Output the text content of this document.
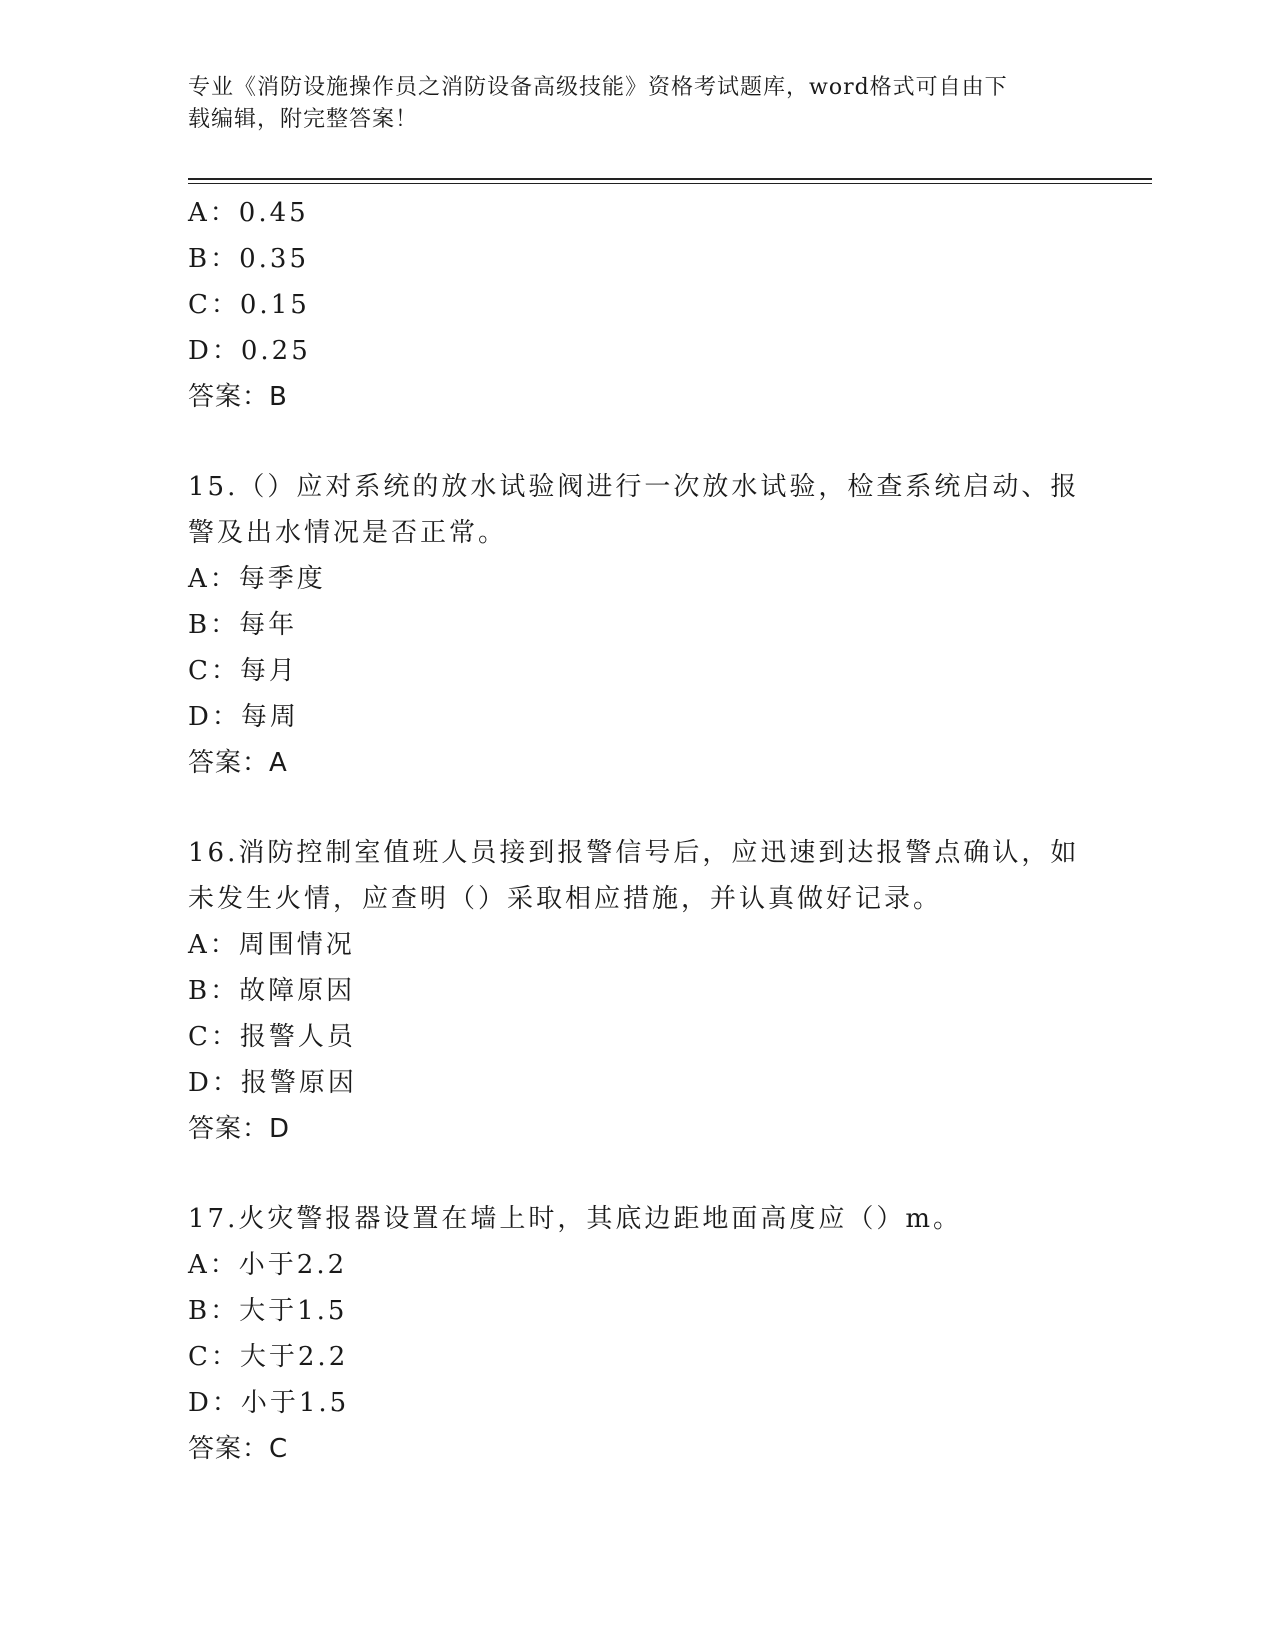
专业《消防设施操作员之消防设备高级技能》资格考试题库，word格式可自由下
载编辑，附完整答案！
A：0.45
B：0.35
C：0.15
D：0.25
答案：B
15.（）应对系统的放水试验阀进行一次放水试验，检查系统启动、报
警及出水情况是否正常。
A：每季度
B：每年
C：每月
D：每周
答案：A
16.消防控制室值班人员接到报警信号后，应迅速到达报警点确认，如
未发生火情，应查明（）采取相应措施，并认真做好记录。
A：周围情况
B：故障原因
C：报警人员
D：报警原因
答案：D
17.火灾警报器设置在墙上时，其底边距地面高度应（）m。
A：小于2.2
B：大于1.5
C：大于2.2
D：小于1.5
答案：C
